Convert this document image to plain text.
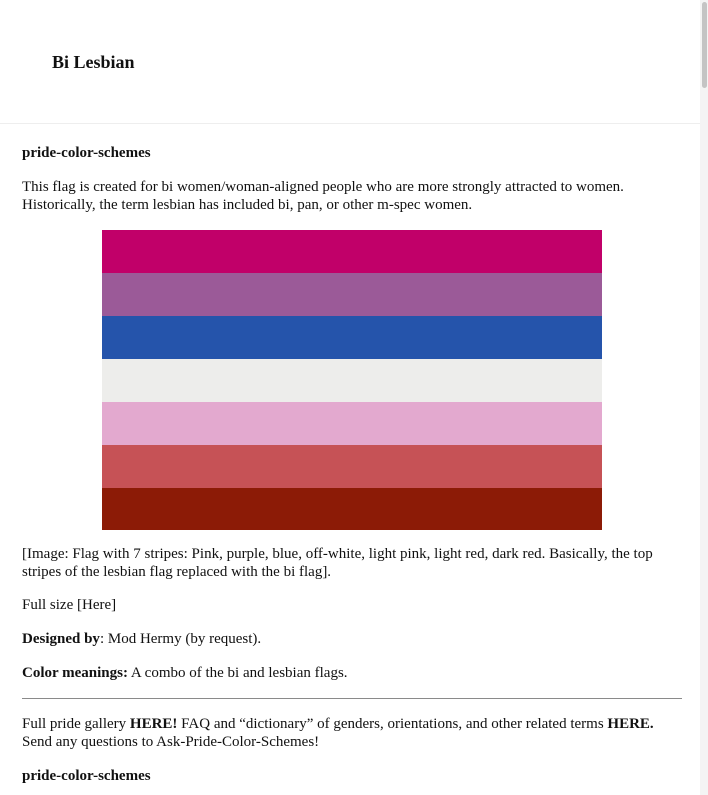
Bi Lesbian

pride-color-schemes

This flag is created for bi women/woman-aligned people who are more strongly attracted to women. Historically, the term lesbian has included bi, pan, or other m-spec women.

[Image: Flag with 7 stripes: Pink, purple, blue, off-white, light pink, light red, dark red. Basically, the top stripes of the lesbian flag replaced with the bi flag].

Full size [Here]

Designed by: Mod Hermy (by request).

Color meanings: A combo of the bi and lesbian flags.

Full pride gallery HERE! FAQ and “dictionary” of genders, orientations, and other related terms HERE. Send any questions to Ask-Pride-Color-Schemes!

pride-color-schemes
